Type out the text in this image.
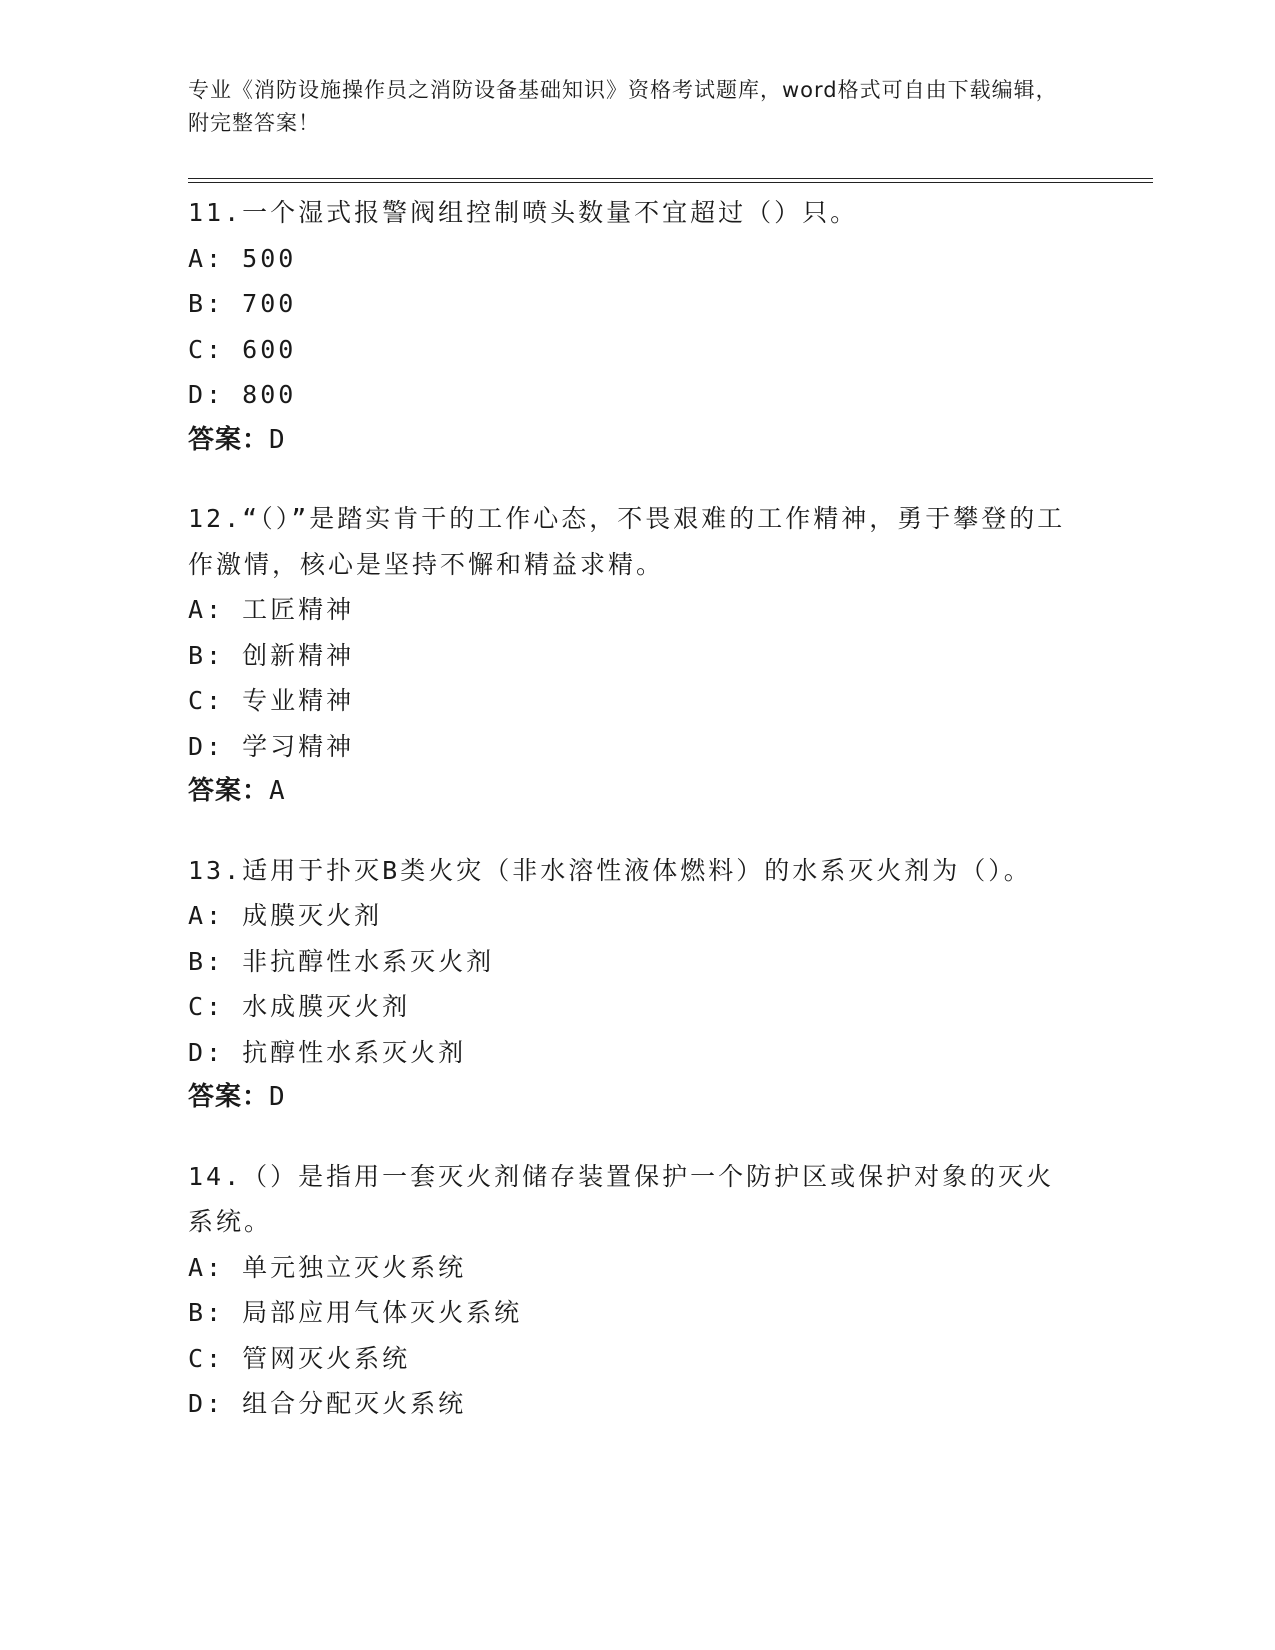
专业《消防设施操作员之消防设备基础知识》资格考试题库，word格式可自由下载编辑，附完整答案！

11.一个湿式报警阀组控制喷头数量不宜超过（）只。

A: 500

B: 700

C: 600

D: 800

答案：D

12.“（）”是踏实肯干的工作心态，不畏艰难的工作精神，勇于攀登的工作激情，核心是坚持不懈和精益求精。

A: 工匠精神

B: 创新精神

C: 专业精神

D: 学习精神

答案：A

13.适用于扑灭B类火灾（非水溶性液体燃料）的水系灭火剂为（）。

A: 成膜灭火剂

B: 非抗醇性水系灭火剂

C: 水成膜灭火剂

D: 抗醇性水系灭火剂

答案：D

14.（）是指用一套灭火剂储存装置保护一个防护区或保护对象的灭火系统。

A: 单元独立灭火系统

B: 局部应用气体灭火系统

C: 管网灭火系统

D: 组合分配灭火系统
